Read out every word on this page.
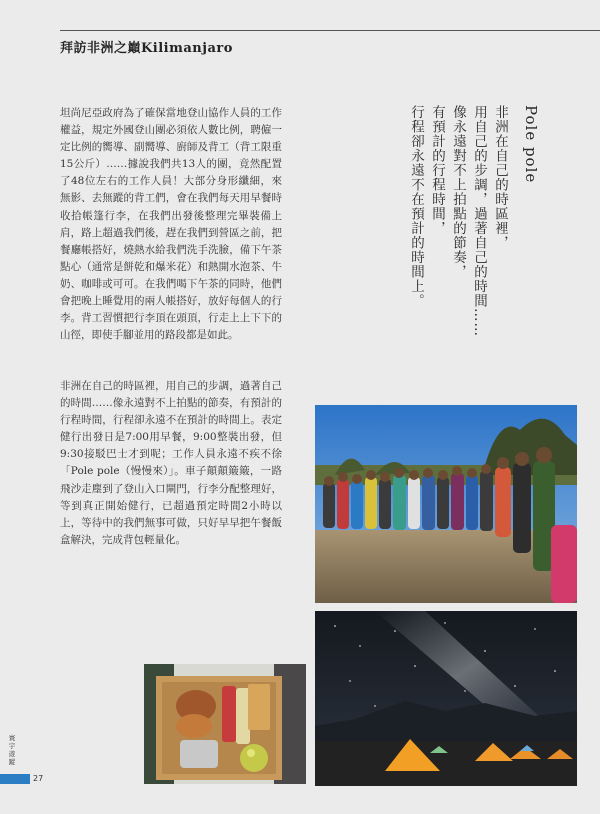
拜訪非洲之巔Kilimanjaro

坦尚尼亞政府為了確保當地登山協作人員的工作權益，規定外國登山團必須依人數比例，聘僱一定比例的嚮導、副嚮導、廚師及背工（背工限重15公斤）……據說我們共13人的團，竟然配置了48位左右的工作人員！大部分身形纖細，來無影、去無蹤的背工們，會在我們每天用早餐時收拾帳篷行李，在我們出發後整理完畢裝備上肩，路上超過我們後，趕在我們到營區之前，把餐廳帳搭好，燒熱水給我們洗手洗臉，備下午茶點心（通常是餅乾和爆米花）和熱開水泡茶、牛奶、咖啡或可可。在我們喝下午茶的同時，他們會把晚上睡覺用的兩人帳搭好，放好每個人的行李。背工習慣把行李頂在頭頂，行走上上下下的山徑，即使手腳並用的路段都是如此。

非洲在自己的時區裡，用自己的步調，過著自己的時間……像永遠對不上拍點的節奏，有預計的行程時間，行程卻永遠不在預計的時間上。表定健行出發日是7:00用早餐，9:00整裝出發，但9:30接駁巴士才到呢；工作人員永遠不疾不徐「Pole pole（慢慢來）」。車子顛顛簸簸，一路飛沙走塵到了登山入口閘門，行李分配整理好，等到真正開始健行，已超過預定時間2小時以上，等待中的我們無事可做，只好早早把午餐飯盒解決，完成背包輕量化。

Pole pole
非洲在自己的時區裡，
用自己的步調，過著自己的時間……
像永遠對不上拍點的節奏，
有預計的行程時間，
行程卻永遠不在預計的時間上。
寰宇遊蹤
27
